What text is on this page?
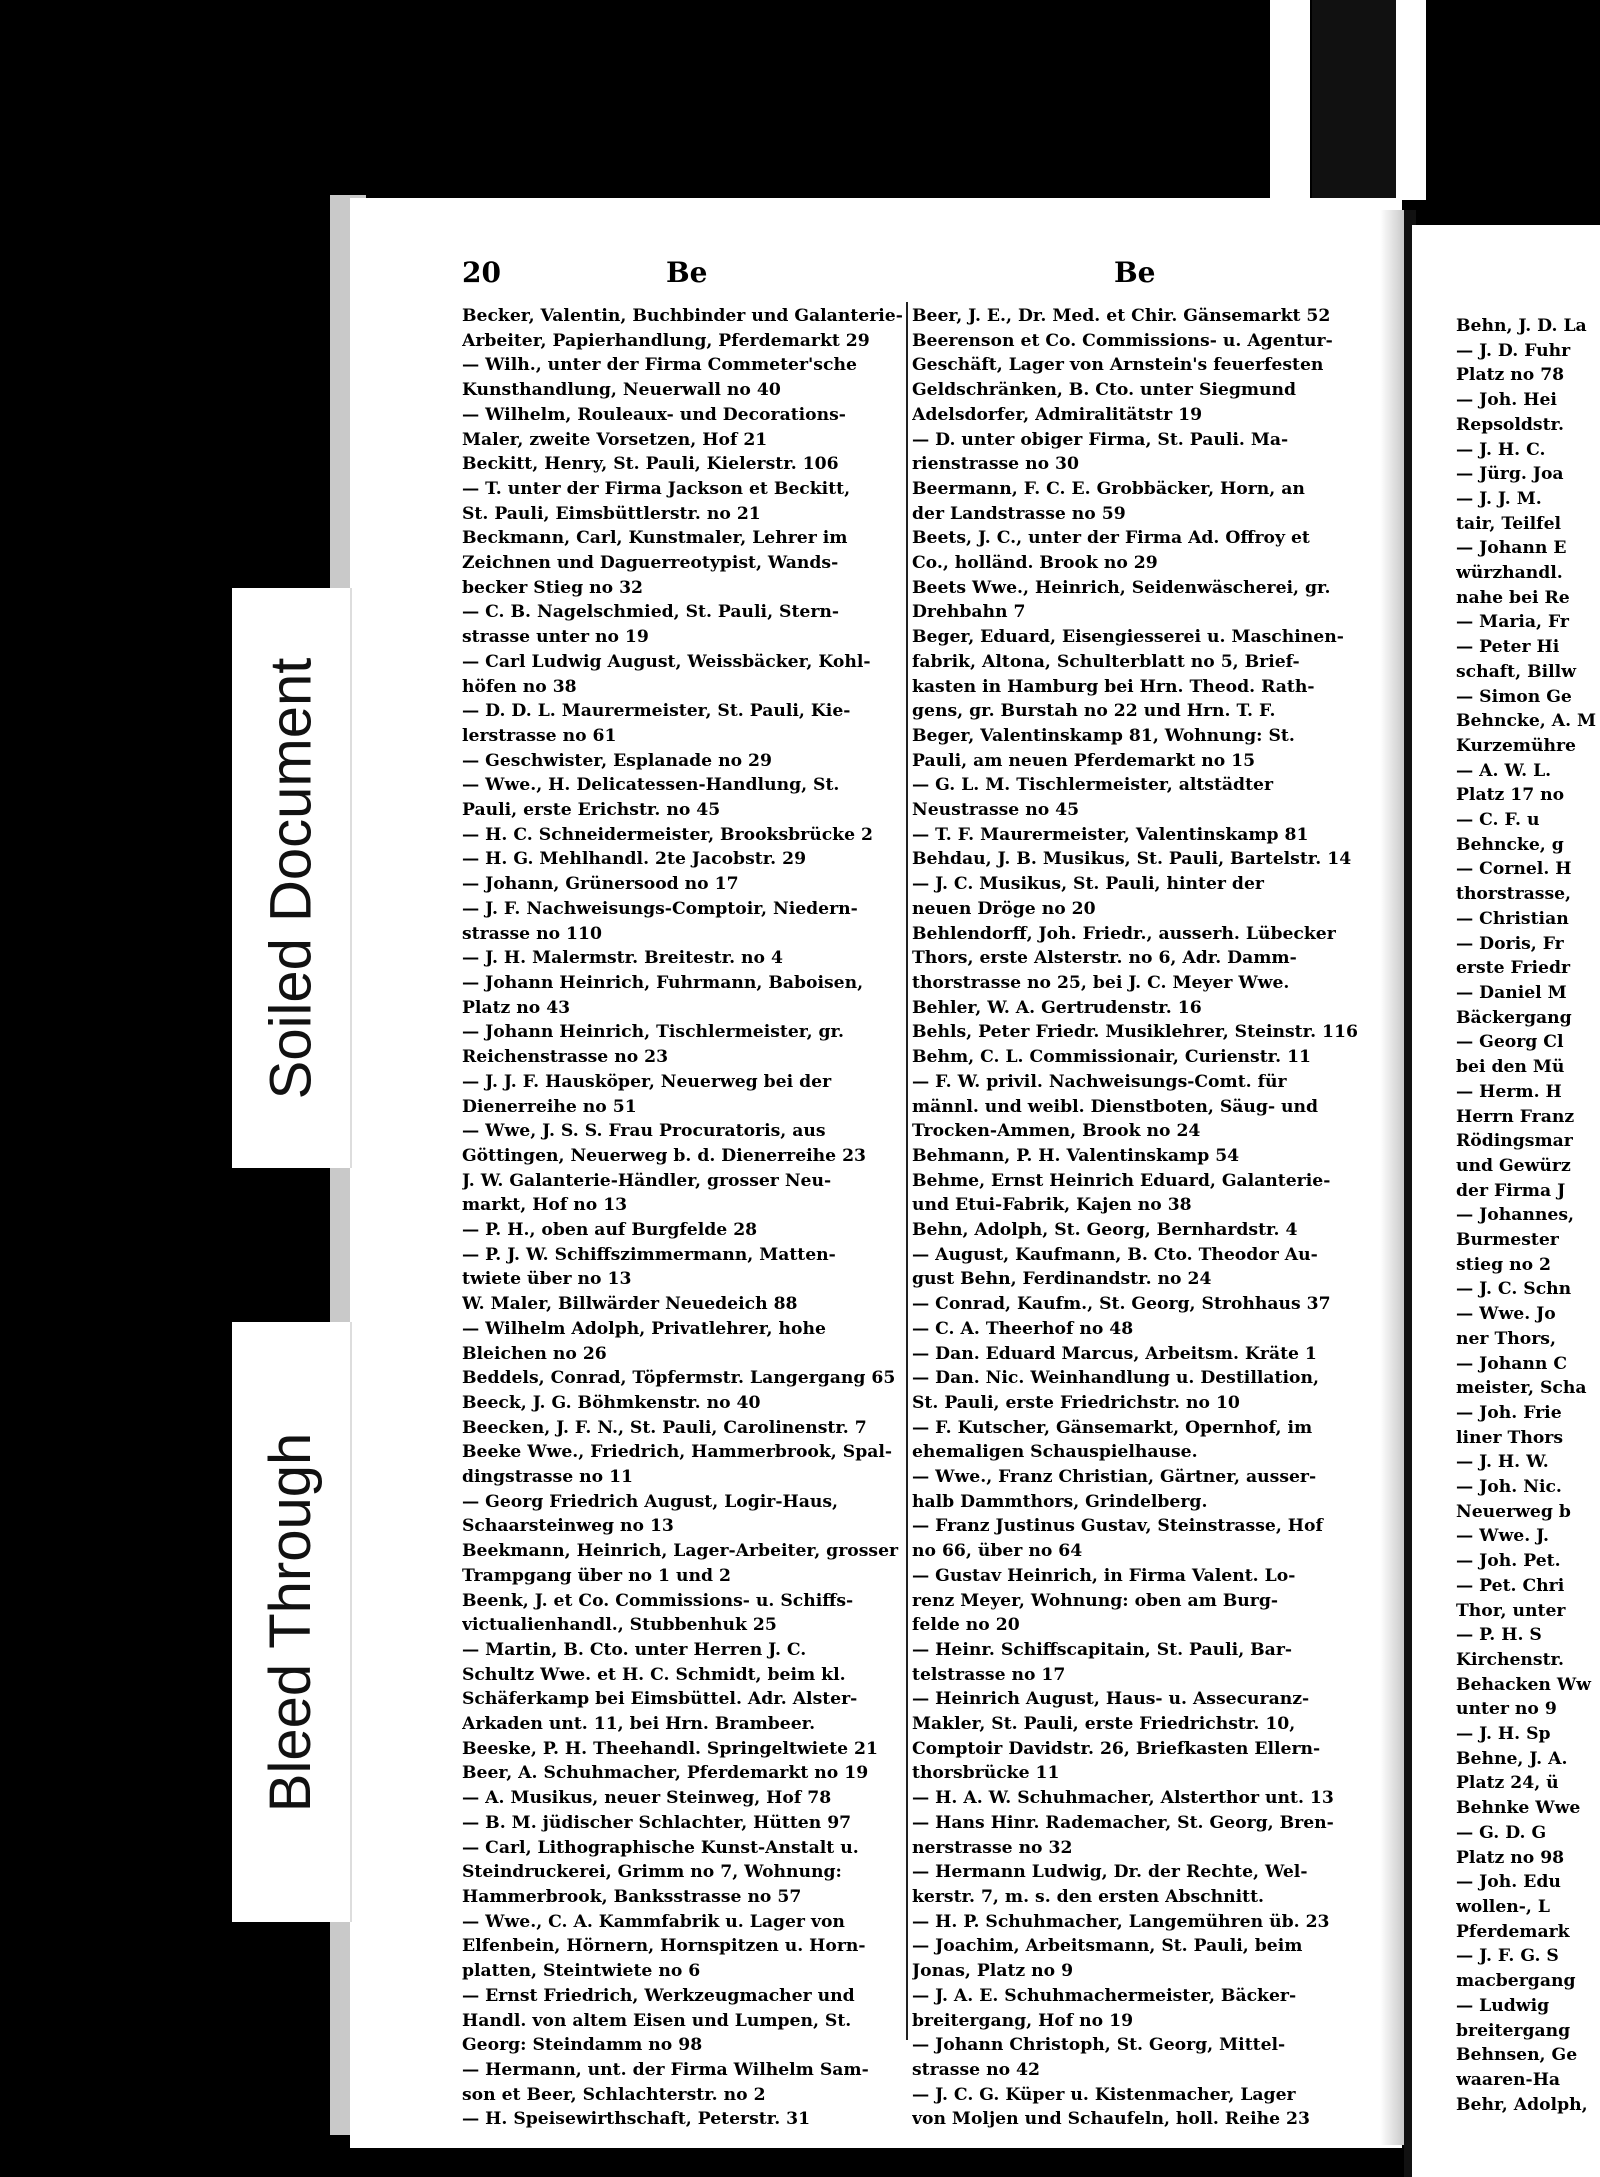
Soiled Document
Bleed Through
20	Be	Be
Becker, Valentin, Buchbinder und Galanterie-
Arbeiter, Papierhandlung, Pferdemarkt 29
— Wilh., unter der Firma Commeter'sche
Kunsthandlung, Neuerwall no 40
— Wilhelm, Rouleaux- und Decorations-
Maler, zweite Vorsetzen, Hof 21
Beckitt, Henry, St. Pauli, Kielerstr. 106
— T. unter der Firma Jackson et Beckitt,
St. Pauli, Eimsbüttlerstr. no 21
Beckmann, Carl, Kunstmaler, Lehrer im
Zeichnen und Daguerreotypist, Wands-
becker Stieg no 32
— C. B. Nagelschmied, St. Pauli, Stern-
strasse unter no 19
— Carl Ludwig August, Weissbäcker, Kohl-
höfen no 38
— D. D. L. Maurermeister, St. Pauli, Kie-
lerstrasse no 61
— Geschwister, Esplanade no 29
— Wwe., H. Delicatessen-Handlung, St.
Pauli, erste Erichstr. no 45
— H. C. Schneidermeister, Brooksbrücke 2
— H. G. Mehlhandl. 2te Jacobstr. 29
— Johann, Grünersood no 17
— J. F. Nachweisungs-Comptoir, Niedern-
strasse no 110
— J. H. Malermstr. Breitestr. no 4
— Johann Heinrich, Fuhrmann, Baboisen,
Platz no 43
— Johann Heinrich, Tischlermeister, gr.
Reichenstrasse no 23
— J. J. F. Hausköper, Neuerweg bei der
Dienerreihe no 51
— Wwe, J. S. S. Frau Procuratoris, aus
Göttingen, Neuerweg b. d. Dienerreihe 23
J. W. Galanterie-Händler, grosser Neu-
markt, Hof no 13
— P. H., oben auf Burgfelde 28
— P. J. W. Schiffszimmermann, Matten-
twiete über no 13
W. Maler, Billwärder Neuedeich 88
— Wilhelm Adolph, Privatlehrer, hohe
Bleichen no 26
Beddels, Conrad, Töpfermstr. Langergang 65
Beeck, J. G. Böhmkenstr. no 40
Beecken, J. F. N., St. Pauli, Carolinenstr. 7
Beeke Wwe., Friedrich, Hammerbrook, Spal-
dingstrasse no 11
— Georg Friedrich August, Logir-Haus,
Schaarsteinweg no 13
Beekmann, Heinrich, Lager-Arbeiter, grosser
Trampgang über no 1 und 2
Beenk, J. et Co. Commissions- u. Schiffs-
victualienhandl., Stubbenhuk 25
— Martin, B. Cto. unter Herren J. C.
Schultz Wwe. et H. C. Schmidt, beim kl.
Schäferkamp bei Eimsbüttel. Adr. Alster-
Arkaden unt. 11, bei Hrn. Brambeer.
Beeske, P. H. Theehandl. Springeltwiete 21
Beer, A. Schuhmacher, Pferdemarkt no 19
— A. Musikus, neuer Steinweg, Hof 78
— B. M. jüdischer Schlachter, Hütten 97
— Carl, Lithographische Kunst-Anstalt u.
Steindruckerei, Grimm no 7, Wohnung:
Hammerbrook, Banksstrasse no 57
— Wwe., C. A. Kammfabrik u. Lager von
Elfenbein, Hörnern, Hornspitzen u. Horn-
platten, Steintwiete no 6
— Ernst Friedrich, Werkzeugmacher und
Handl. von altem Eisen und Lumpen, St.
Georg: Steindamm no 98
— Hermann, unt. der Firma Wilhelm Sam-
son et Beer, Schlachterstr. no 2
— H. Speisewirthschaft, Peterstr. 31
Beer, J. E., Dr. Med. et Chir. Gänsemarkt 52
Beerenson et Co. Commissions- u. Agentur-
Geschäft, Lager von Arnstein's feuerfesten
Geldschränken, B. Cto. unter Siegmund
Adelsdorfer, Admiralitätstr 19
— D. unter obiger Firma, St. Pauli. Ma-
rienstrasse no 30
Beermann, F. C. E. Grobbäcker, Horn, an
der Landstrasse no 59
Beets, J. C., unter der Firma Ad. Offroy et
Co., holländ. Brook no 29
Beets Wwe., Heinrich, Seidenwäscherei, gr.
Drehbahn 7
Beger, Eduard, Eisengiesserei u. Maschinen-
fabrik, Altona, Schulterblatt no 5, Brief-
kasten in Hamburg bei Hrn. Theod. Rath-
gens, gr. Burstah no 22 und Hrn. T. F.
Beger, Valentinskamp 81, Wohnung: St.
Pauli, am neuen Pferdemarkt no 15
— G. L. M. Tischlermeister, altstädter
Neustrasse no 45
— T. F. Maurermeister, Valentinskamp 81
Behdau, J. B. Musikus, St. Pauli, Bartelstr. 14
— J. C. Musikus, St. Pauli, hinter der
neuen Dröge no 20
Behlendorff, Joh. Friedr., ausserh. Lübecker
Thors, erste Alsterstr. no 6, Adr. Damm-
thorstrasse no 25, bei J. C. Meyer Wwe.
Behler, W. A. Gertrudenstr. 16
Behls, Peter Friedr. Musiklehrer, Steinstr. 116
Behm, C. L. Commissionair, Curienstr. 11
— F. W. privil. Nachweisungs-Comt. für
männl. und weibl. Dienstboten, Säug- und
Trocken-Ammen, Brook no 24
Behmann, P. H. Valentinskamp 54
Behme, Ernst Heinrich Eduard, Galanterie-
und Etui-Fabrik, Kajen no 38
Behn, Adolph, St. Georg, Bernhardstr. 4
— August, Kaufmann, B. Cto. Theodor Au-
gust Behn, Ferdinandstr. no 24
— Conrad, Kaufm., St. Georg, Strohhaus 37
— C. A. Theerhof no 48
— Dan. Eduard Marcus, Arbeitsm. Kräte 1
— Dan. Nic. Weinhandlung u. Destillation,
St. Pauli, erste Friedrichstr. no 10
— F. Kutscher, Gänsemarkt, Opernhof, im
ehemaligen Schauspielhause.
— Wwe., Franz Christian, Gärtner, ausser-
halb Dammthors, Grindelberg.
— Franz Justinus Gustav, Steinstrasse, Hof
no 66, über no 64
— Gustav Heinrich, in Firma Valent. Lo-
renz Meyer, Wohnung: oben am Burg-
felde no 20
— Heinr. Schiffscapitain, St. Pauli, Bar-
telstrasse no 17
— Heinrich August, Haus- u. Assecuranz-
Makler, St. Pauli, erste Friedrichstr. 10,
Comptoir Davidstr. 26, Briefkasten Ellern-
thorsbrücke 11
— H. A. W. Schuhmacher, Alsterthor unt. 13
— Hans Hinr. Rademacher, St. Georg, Bren-
nerstrasse no 32
— Hermann Ludwig, Dr. der Rechte, Wel-
kerstr. 7, m. s. den ersten Abschnitt.
— H. P. Schuhmacher, Langemühren üb. 23
— Joachim, Arbeitsmann, St. Pauli, beim
Jonas, Platz no 9
— J. A. E. Schuhmachermeister, Bäcker-
breitergang, Hof no 19
— Johann Christoph, St. Georg, Mittel-
strasse no 42
— J. C. G. Küper u. Kistenmacher, Lager
von Moljen und Schaufeln, holl. Reihe 23
Behn, J. D. La
— J. D. Fuhr
Platz no 78
— Joh. Hei
Repsoldstr.
— J. H. C.
— Jürg. Joa
— J. J. M.
tair, Teilfel
— Johann E
würzhandl.
nahe bei Re
— Maria, Fr
— Peter Hi
schaft, Billw
— Simon Ge
Behncke, A. M
Kurzemühre
— A. W. L.
Platz 17 no
— C. F. u
Behncke, g
— Cornel. H
thorstrasse,
— Christian
— Doris, Fr
erste Friedr
— Daniel M
Bäckergang
— Georg Cl
bei den Mü
— Herm. H
Herrn Franz
Rödingsmar
und Gewürz
der Firma J
— Johannes,
Burmester
stieg no 2
— J. C. Schn
— Wwe. Jo
ner Thors,
— Johann C
meister, Scha
— Joh. Frie
liner Thors
— J. H. W.
— Joh. Nic.
Neuerweg b
— Wwe. J.
— Joh. Pet.
— Pet. Chri
Thor, unter
— P. H. S
Kirchenstr.
Behacken Ww
unter no 9
— J. H. Sp
Behne, J. A.
Platz 24, ü
Behnke Wwe
— G. D. G
Platz no 98
— Joh. Edu
wollen-, L
Pferdemark
— J. F. G. S
macbergang
— Ludwig
breitergang
Behnsen, Ge
waaren-Ha
Behr, Adolph,
